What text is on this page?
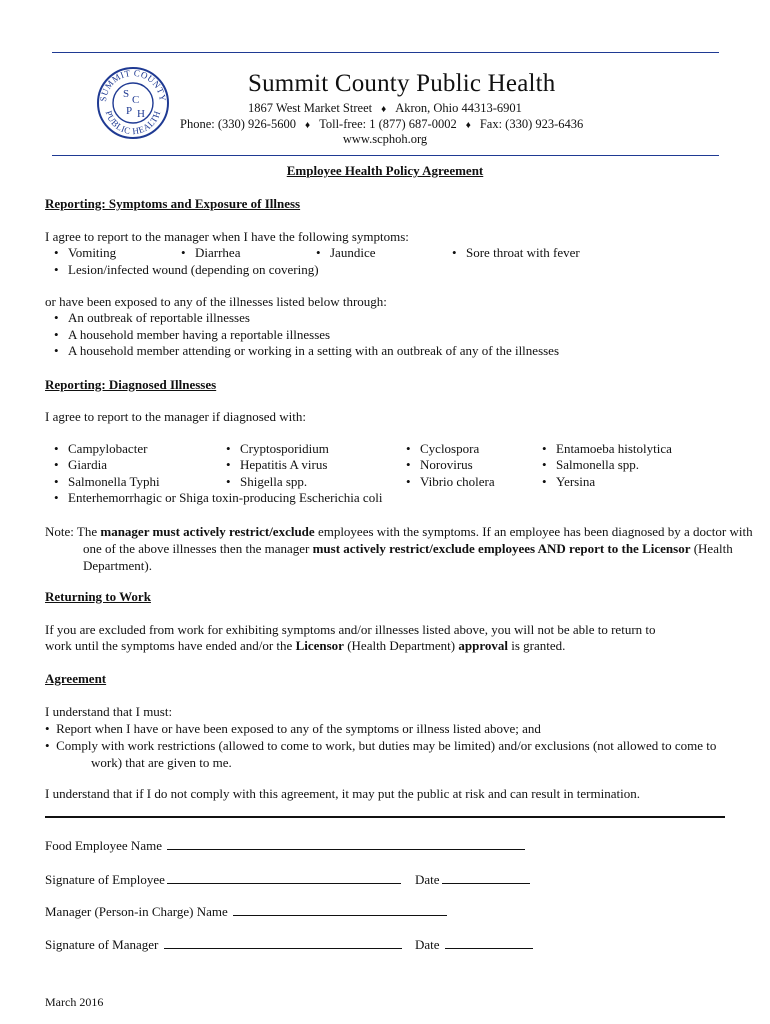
SUMMIT COUNTY
PUBLIC HEALTH
S C
P H
Summit County Public Health
1867 West Market Street ♦ Akron, Ohio 44313-6901
Phone: (330) 926-5600 ♦ Toll-free: 1 (877) 687-0002 ♦ Fax: (330) 923-6436
www.scphoh.org
Employee Health Policy Agreement
Reporting: Symptoms and Exposure of Illness
I agree to report to the manager when I have the following symptoms:
• Vomiting	• Diarrhea	• Jaundice	• Sore throat with fever
• Lesion/infected wound (depending on covering)
or have been exposed to any of the illnesses listed below through:
• An outbreak of reportable illnesses
• A household member having a reportable illnesses
• A household member attending or working in a setting with an outbreak of any of the illnesses
Reporting: Diagnosed Illnesses
I agree to report to the manager if diagnosed with:
• Campylobacter	• Cryptosporidium	• Cyclospora	• Entamoeba histolytica
• Giardia	• Hepatitis A virus	• Norovirus	• Salmonella spp.
• Salmonella Typhi	• Shigella spp.	• Vibrio cholera	• Yersina
• Enterhemorrhagic or Shiga toxin-producing Escherichia coli
Note: The manager must actively restrict/exclude employees with the symptoms. If an employee has been diagnosed by a doctor with one of the above illnesses then the manager must actively restrict/exclude employees AND report to the Licensor (Health Department).
Returning to Work
If you are excluded from work for exhibiting symptoms and/or illnesses listed above, you will not be able to return to
work until the symptoms have ended and/or the Licensor (Health Department) approval is granted.
Agreement
I understand that I must:
•  Report when I have or have been exposed to any of the symptoms or illness listed above; and
•  Comply with work restrictions (allowed to come to work, but duties may be limited) and/or exclusions (not allowed to come to work) that are given to me.
I understand that if I do not comply with this agreement, it may put the public at risk and can result in termination.
Food Employee Name
Signature of Employee	Date
Manager (Person-in Charge) Name
Signature of Manager	Date
March 2016
